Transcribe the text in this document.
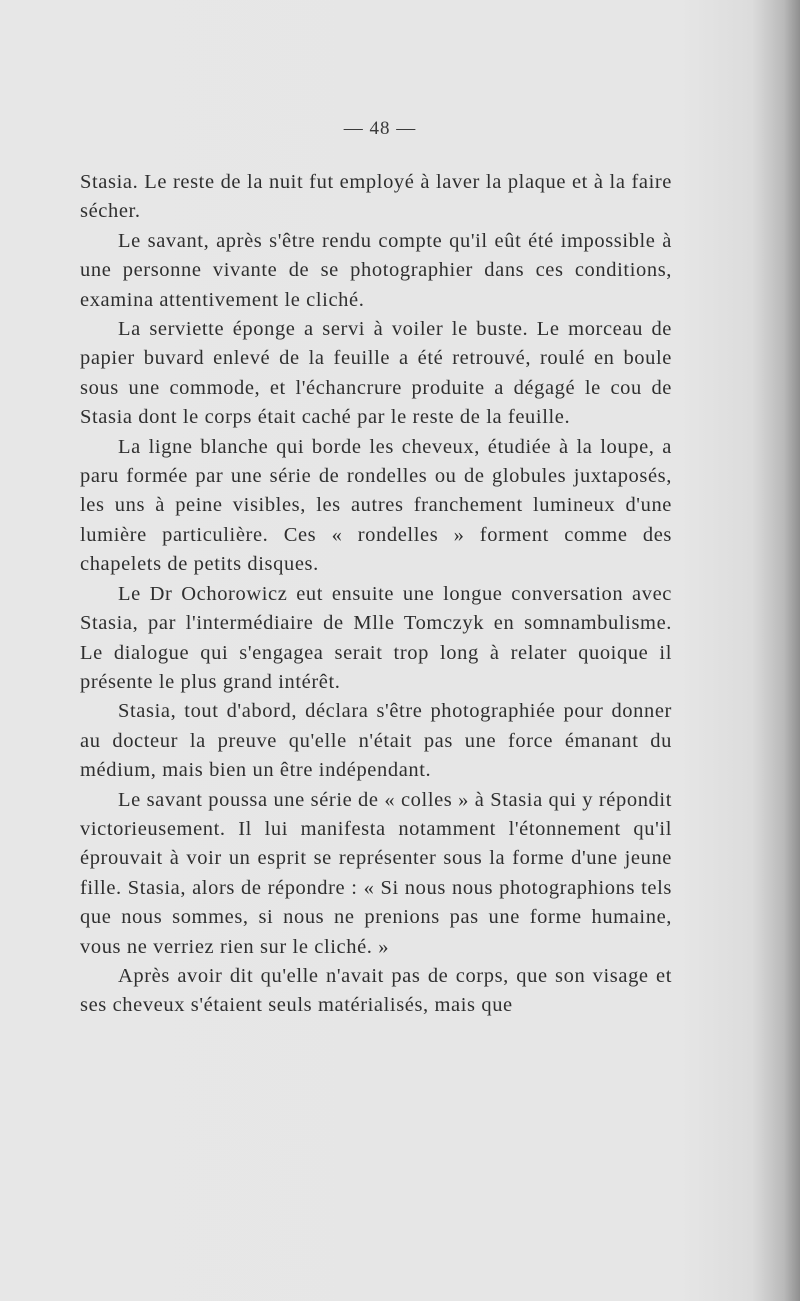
— 48 —

Stasia. Le reste de la nuit fut employé à laver la plaque et à la faire sécher.

Le savant, après s'être rendu compte qu'il eût été impossible à une personne vivante de se photographier dans ces conditions, examina attentivement le cliché.

La serviette éponge a servi à voiler le buste. Le morceau de papier buvard enlevé de la feuille a été retrouvé, roulé en boule sous une commode, et l'échancrure produite a dégagé le cou de Stasia dont le corps était caché par le reste de la feuille.

La ligne blanche qui borde les cheveux, étudiée à la loupe, a paru formée par une série de rondelles ou de globules juxtaposés, les uns à peine visibles, les autres franchement lumineux d'une lumière particulière. Ces « rondelles » forment comme des chapelets de petits disques.

Le Dr Ochorowicz eut ensuite une longue conversation avec Stasia, par l'intermédiaire de Mlle Tomczyk en somnambulisme. Le dialogue qui s'engagea serait trop long à relater quoique il présente le plus grand intérêt.

Stasia, tout d'abord, déclara s'être photographiée pour donner au docteur la preuve qu'elle n'était pas une force émanant du médium, mais bien un être indépendant.

Le savant poussa une série de « colles » à Stasia qui y répondit victorieusement. Il lui manifesta notamment l'étonnement qu'il éprouvait à voir un esprit se représenter sous la forme d'une jeune fille. Stasia, alors de répondre : « Si nous nous photographions tels que nous sommes, si nous ne prenions pas une forme humaine, vous ne verriez rien sur le cliché. »

Après avoir dit qu'elle n'avait pas de corps, que son visage et ses cheveux s'étaient seuls matérialisés, mais que
